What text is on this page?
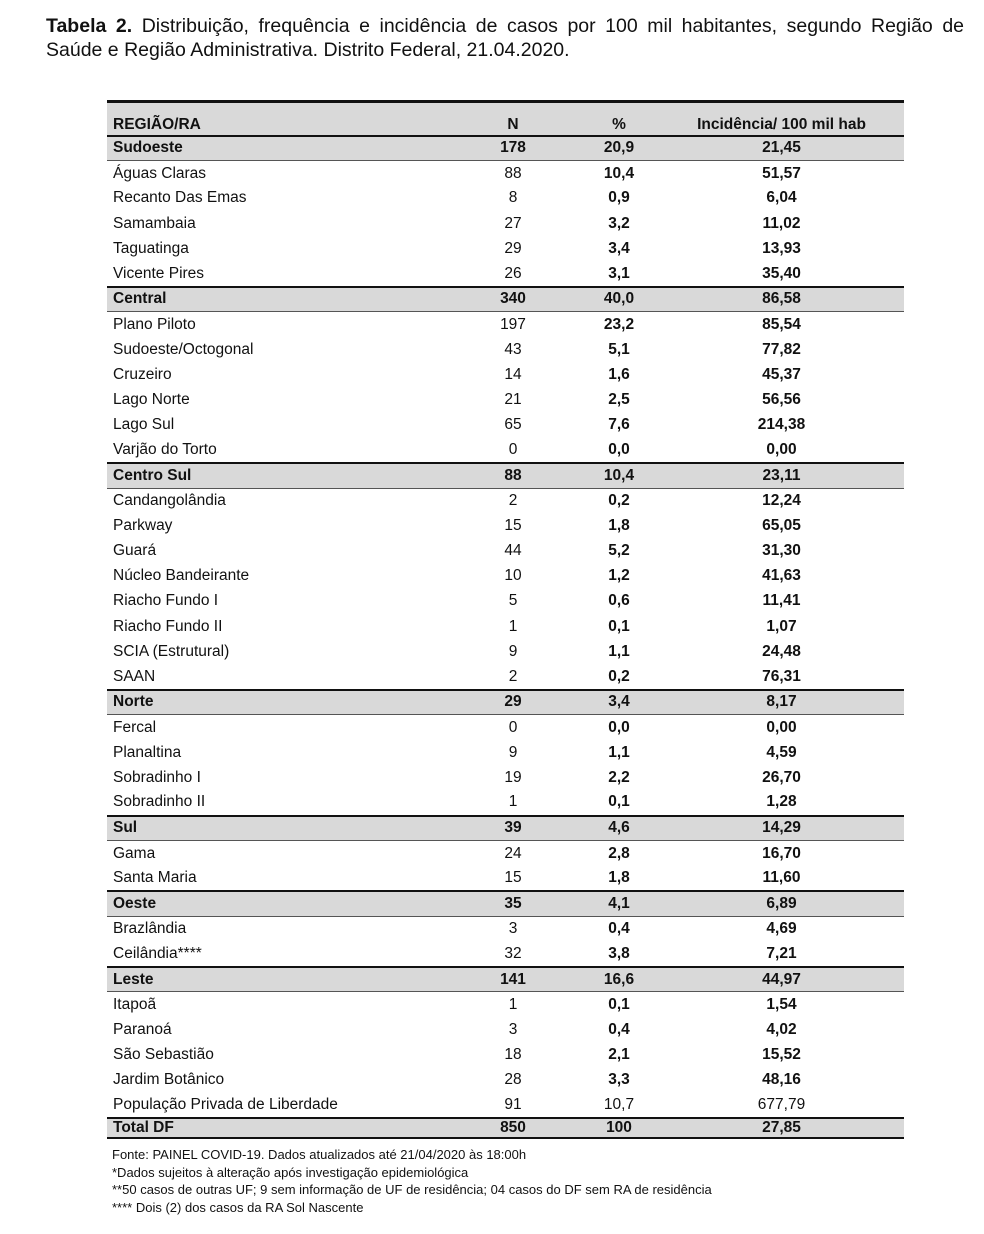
Tabela 2. Distribuição, frequência e incidência de casos por 100 mil habitantes, segundo Região de Saúde e Região Administrativa. Distrito Federal, 21.04.2020.
REGIÃO/RA	N	%	Incidência/ 100 mil hab
Sudoeste	178	20,9	21,45
Águas Claras	88	10,4	51,57
Recanto Das Emas	8	0,9	6,04
Samambaia	27	3,2	11,02
Taguatinga	29	3,4	13,93
Vicente Pires	26	3,1	35,40
Central	340	40,0	86,58
Plano Piloto	197	23,2	85,54
Sudoeste/Octogonal	43	5,1	77,82
Cruzeiro	14	1,6	45,37
Lago Norte	21	2,5	56,56
Lago Sul	65	7,6	214,38
Varjão do Torto	0	0,0	0,00
Centro Sul	88	10,4	23,11
Candangolândia	2	0,2	12,24
Parkway	15	1,8	65,05
Guará	44	5,2	31,30
Núcleo Bandeirante	10	1,2	41,63
Riacho Fundo I	5	0,6	11,41
Riacho Fundo II	1	0,1	1,07
SCIA (Estrutural)	9	1,1	24,48
SAAN	2	0,2	76,31
Norte	29	3,4	8,17
Fercal	0	0,0	0,00
Planaltina	9	1,1	4,59
Sobradinho I	19	2,2	26,70
Sobradinho II	1	0,1	1,28
Sul	39	4,6	14,29
Gama	24	2,8	16,70
Santa Maria	15	1,8	11,60
Oeste	35	4,1	6,89
Brazlândia	3	0,4	4,69
Ceilândia****	32	3,8	7,21
Leste	141	16,6	44,97
Itapoã	1	0,1	1,54
Paranoá	3	0,4	4,02
São Sebastião	18	2,1	15,52
Jardim Botânico	28	3,3	48,16
População Privada de Liberdade	91	10,7	677,79
Total DF	850	100	27,85
Fonte: PAINEL COVID-19. Dados atualizados até 21/04/2020 às 18:00h
*Dados sujeitos à alteração após investigação epidemiológica
**50 casos de outras UF; 9 sem informação de UF de residência; 04 casos do DF sem RA de residência
**** Dois (2) dos casos da RA Sol Nascente
